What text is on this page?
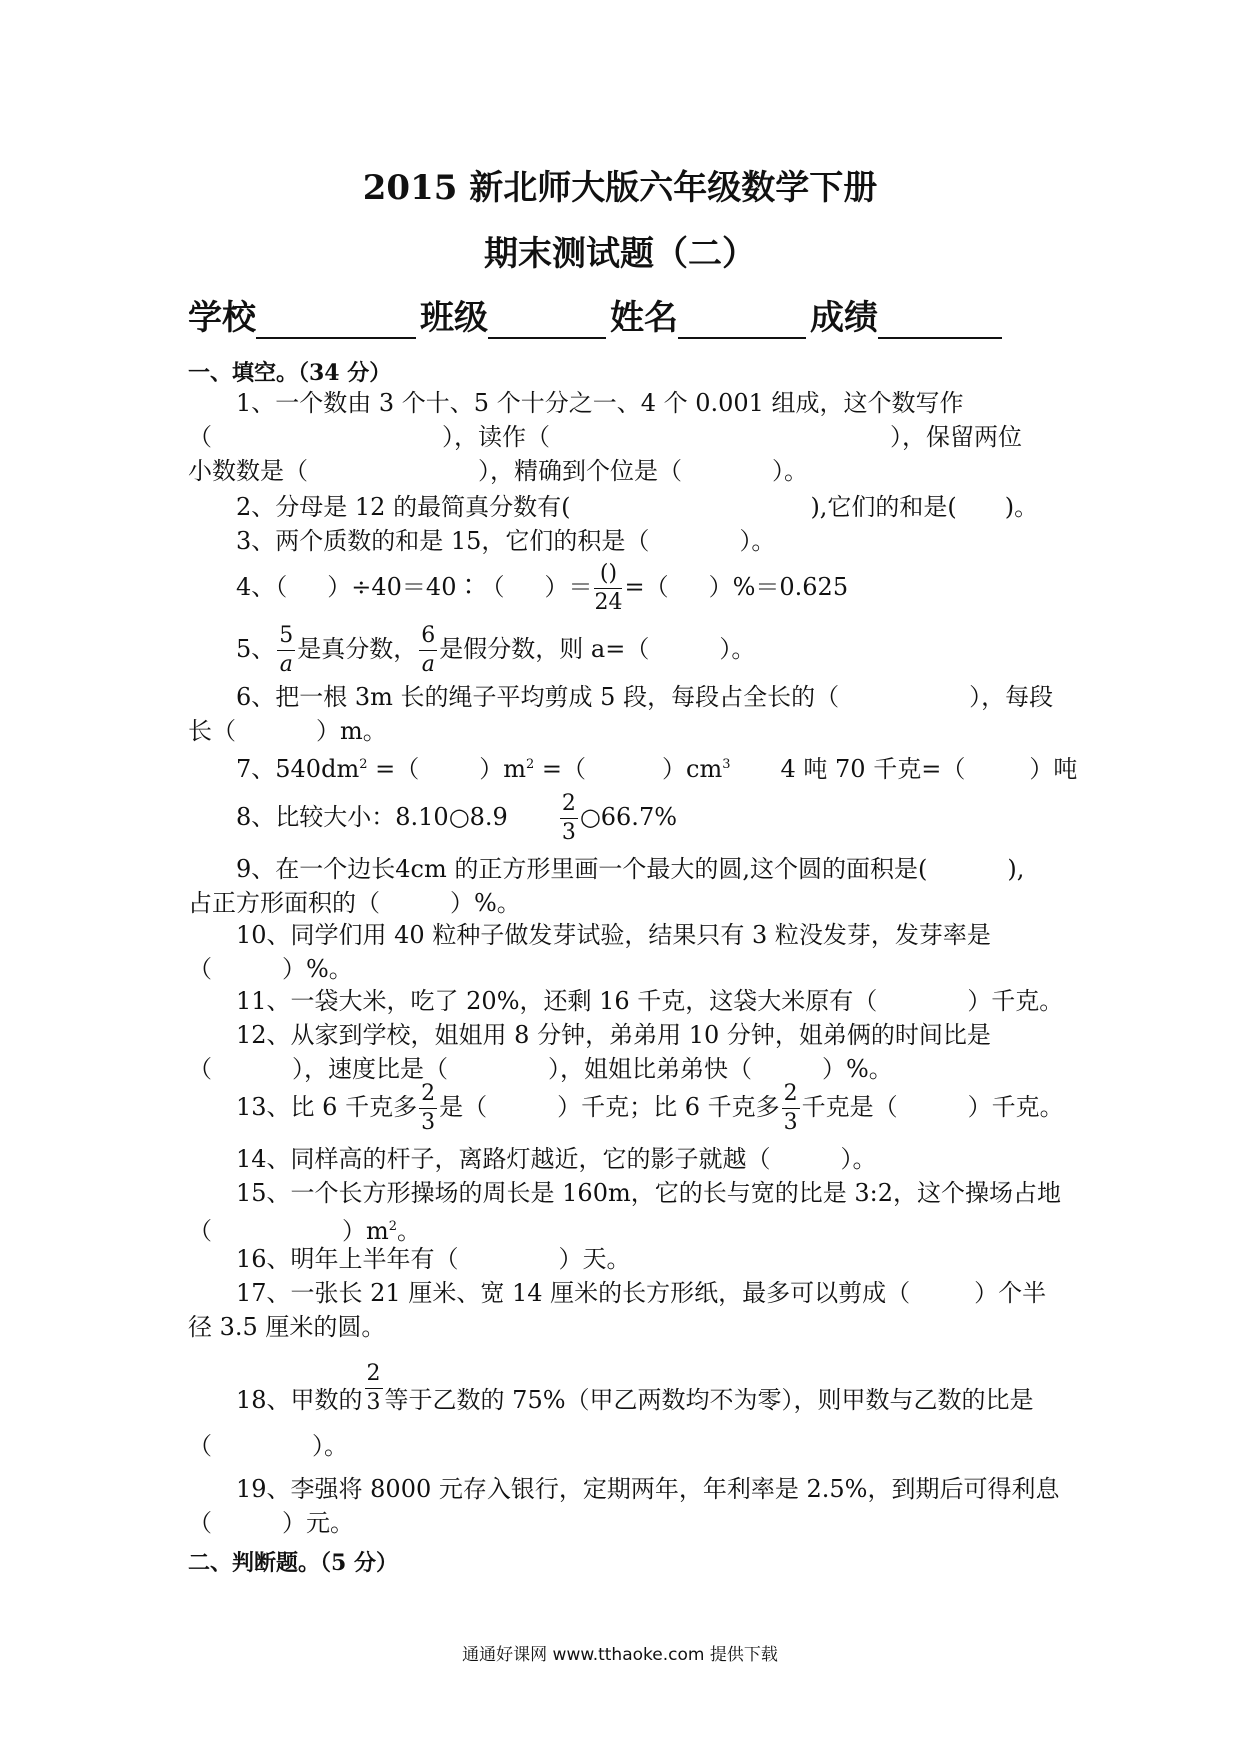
2015 新北师大版六年级数学下册
期末测试题（二）
学校	班级	姓名	成绩
一、填空。（34 分）

1、一个数由 3 个十、5 个十分之一、4 个 0.001 组成，这个数写作

（	），读作（	），保留两位

小数数是（	），精确到个位是（	）。

2、分母是 12 的最简真分数有(	),它们的和是( )。

3、两个质数的和是 15，它们的积是（	）。

4、（ ）÷40＝40∶（ ）＝ $\frac{()}{24}$ =（ ）%＝0.625

5、 $\frac{5}{a}$ 是真分数， $\frac{6}{a}$ 是假分数，则 a=（	）。

6、把一根 3m 长的绳子平均剪成 5 段，每段占全长的（	），每段

长（	）m。

7、$540dm^2$ =（	）$m^2$ =（	）$cm^3$ 4 吨 70 千克=（	）吨

8、比较大小：8.10○8.9 $\frac{2}{3}$ ○66.7%

9、在一个边长4cm 的正方形里画一个最大的圆,这个圆的面积是(	),

占正方形面积的（	）%。

10、同学们用 40 粒种子做发芽试验，结果只有 3 粒没发芽，发芽率是

（	）%。

11、一袋大米，吃了 20%，还剩 16 千克，这袋大米原有（	）千克。

12、从家到学校，姐姐用 8 分钟，弟弟用 10 分钟，姐弟俩的时间比是

（	），速度比是（	），姐姐比弟弟快（	）%。

13、比 6 千克多 $\frac{2}{3}$ 是（	）千克；比 6 千克多 $\frac{2}{3}$ 千克是（	）千克。

14、同样高的杆子，离路灯越近，它的影子就越（	）。

15、一个长方形操场的周长是 160m，它的长与宽的比是 3:2，这个操场占地

（	）$m^2$。

16、明年上半年有（	）天。

17、一张长 21 厘米、宽 14 厘米的长方形纸，最多可以剪成（	）个半

径 3.5 厘米的圆。

18、甲数的 $\frac{2}{3}$ 等于乙数的 75%（甲乙两数均不为零），则甲数与乙数的比是

（	）。

19、李强将 8000 元存入银行，定期两年，年利率是 2.5%，到期后可得利息

（	）元。

二、判断题。（5 分）
通通好课网 www.tthaoke.com 提供下载
